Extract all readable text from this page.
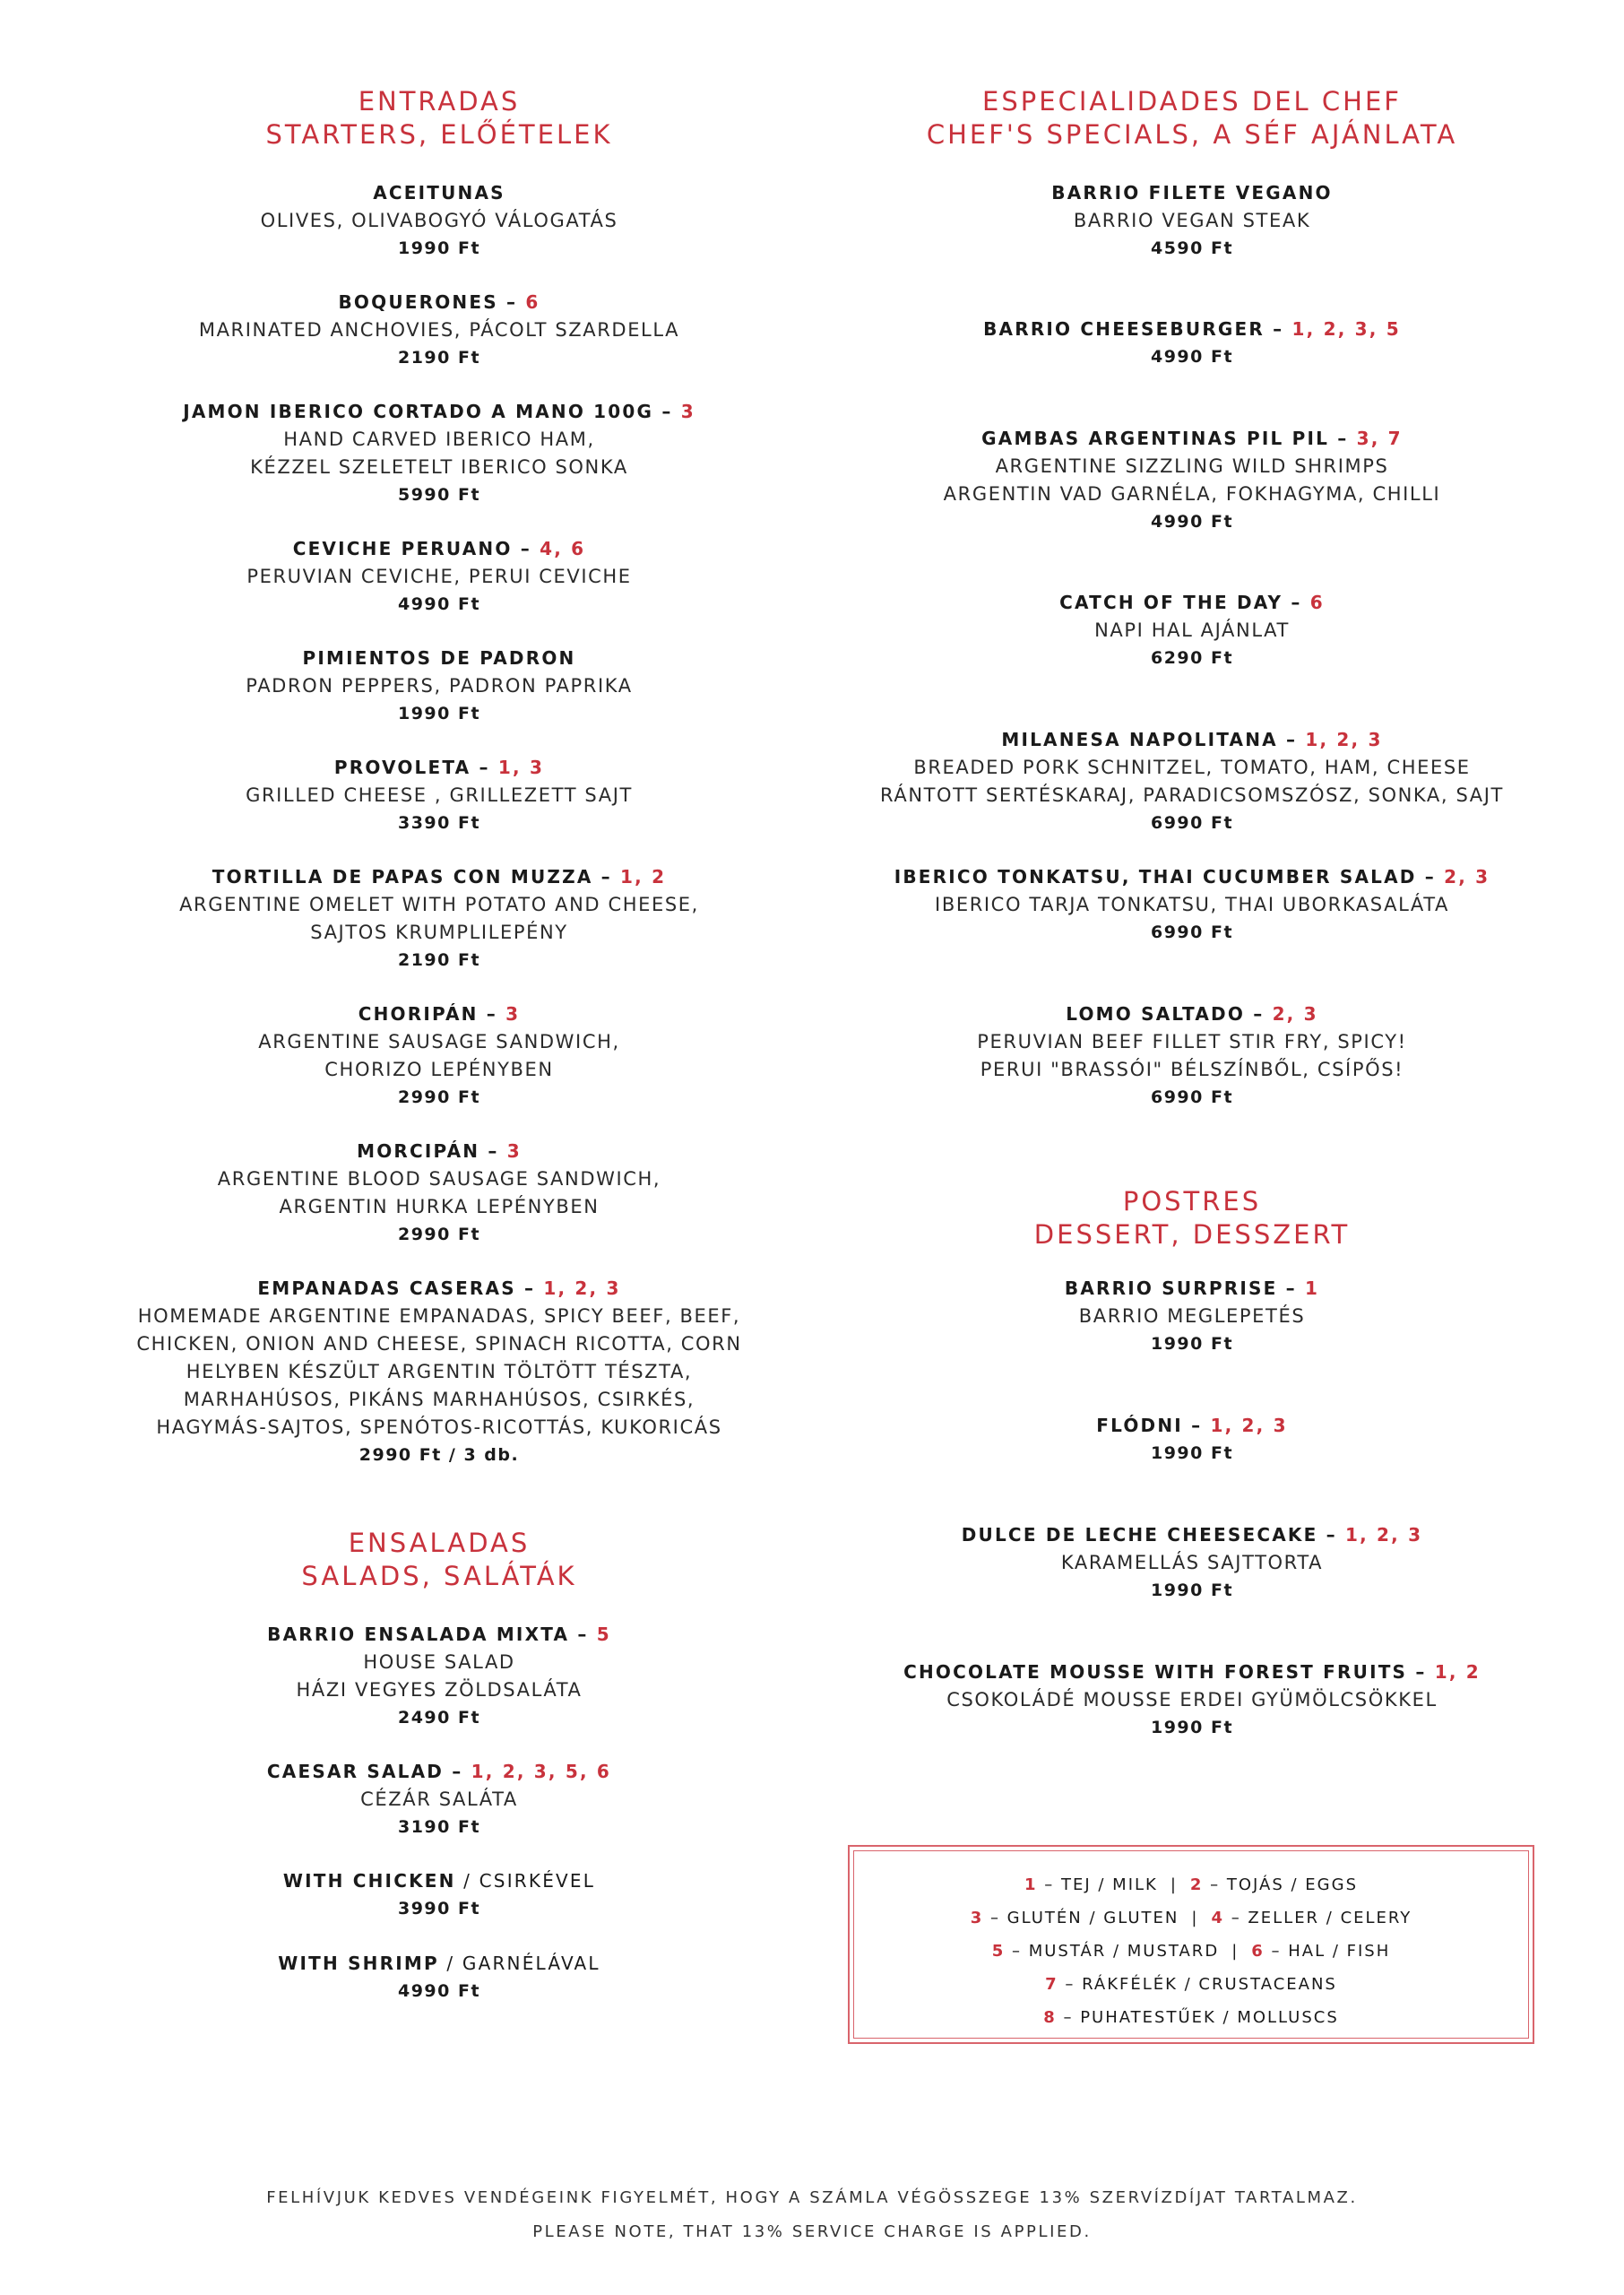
ENTRADAS
STARTERS, ELŐÉTELEK
ACEITUNAS
OLIVES, OLIVABOGYÓ VÁLOGATÁS
1990 Ft
BOQUERONES – 6
MARINATED ANCHOVIES, PÁCOLT SZARDELLA
2190 Ft
JAMON IBERICO CORTADO A MANO 100G – 3
HAND CARVED IBERICO HAM,
KÉZZEL SZELETELT IBERICO SONKA
5990 Ft
CEVICHE PERUANO – 4, 6
PERUVIAN CEVICHE, PERUI CEVICHE
4990 Ft
PIMIENTOS DE PADRON
PADRON PEPPERS, PADRON PAPRIKA
1990 Ft
PROVOLETA – 1, 3
GRILLED CHEESE , GRILLEZETT SAJT
3390 Ft
TORTILLA DE PAPAS CON MUZZA – 1, 2
ARGENTINE OMELET WITH POTATO AND CHEESE,
SAJTOS KRUMPLILEPÉNY
2190 Ft
CHORIPÁN – 3
ARGENTINE SAUSAGE SANDWICH,
CHORIZO LEPÉNYBEN
2990 Ft
MORCIPÁN – 3
ARGENTINE BLOOD SAUSAGE SANDWICH,
ARGENTIN HURKA LEPÉNYBEN
2990 Ft
EMPANADAS CASERAS – 1, 2, 3
HOMEMADE ARGENTINE EMPANADAS, SPICY BEEF, BEEF,
CHICKEN, ONION AND CHEESE, SPINACH RICOTTA, CORN
HELYBEN KÉSZÜLT ARGENTIN TÖLTÖTT TÉSZTA,
MARHAHÚSOS, PIKÁNS MARHAHÚSOS, CSIRKÉS,
HAGYMÁS-SAJTOS, SPENÓTOS-RICOTTÁS, KUKORICÁS
2990 Ft / 3 db.
ENSALADAS
SALADS, SALÁTÁK
BARRIO ENSALADA MIXTA – 5
HOUSE SALAD
HÁZI VEGYES ZÖLDSALÁTA
2490 Ft
CAESAR SALAD – 1, 2, 3, 5, 6
CÉZÁR SALÁTA
3190 Ft
WITH CHICKEN / CSIRKÉVEL
3990 Ft
WITH SHRIMP / GARNÉLÁVAL
4990 Ft
ESPECIALIDADES DEL CHEF
CHEF'S SPECIALS, A SÉF AJÁNLATA
BARRIO FILETE VEGANO
BARRIO VEGAN STEAK
4590 Ft
BARRIO CHEESEBURGER – 1, 2, 3, 5
4990 Ft
GAMBAS ARGENTINAS PIL PIL – 3, 7
ARGENTINE SIZZLING WILD SHRIMPS
ARGENTIN VAD GARNÉLA, FOKHAGYMA, CHILLI
4990 Ft
CATCH OF THE DAY – 6
NAPI HAL AJÁNLAT
6290 Ft
MILANESA NAPOLITANA – 1, 2, 3
BREADED PORK SCHNITZEL, TOMATO, HAM, CHEESE
RÁNTOTT SERTÉSKARAJ, PARADICSOMSZÓSZ, SONKA, SAJT
6990 Ft
IBERICO TONKATSU, THAI CUCUMBER SALAD – 2, 3
IBERICO TARJA TONKATSU, THAI UBORKASALÁTA
6990 Ft
LOMO SALTADO – 2, 3
PERUVIAN BEEF FILLET STIR FRY, SPICY!
PERUI "BRASSÓI" BÉLSZÍNBŐL, CSÍPŐS!
6990 Ft
POSTRES
DESSERT, DESSZERT
BARRIO SURPRISE – 1
BARRIO MEGLEPETÉS
1990 Ft
FLÓDNI – 1, 2, 3
1990 Ft
DULCE DE LECHE CHEESECAKE – 1, 2, 3
KARAMELLÁS SAJTTORTA
1990 Ft
CHOCOLATE MOUSSE WITH FOREST FRUITS – 1, 2
CSOKOLÁDÉ MOUSSE ERDEI GYÜMÖLCSÖKKEL
1990 Ft
1 – TEJ / MILK | 2 – TOJÁS / EGGS
3 – GLUTÉN / GLUTEN | 4 – ZELLER / CELERY
5 – MUSTÁR / MUSTARD | 6 – HAL / FISH
7 – RÁKFÉLÉK / CRUSTACEANS
8 – PUHATESTŰEK / MOLLUSCS
FELHÍVJUK KEDVES VENDÉGEINK FIGYELMÉT, HOGY A SZÁMLA VÉGÖSSZEGE 13% SZERVÍZDÍJAT TARTALMAZ.
PLEASE NOTE, THAT 13% SERVICE CHARGE IS APPLIED.
